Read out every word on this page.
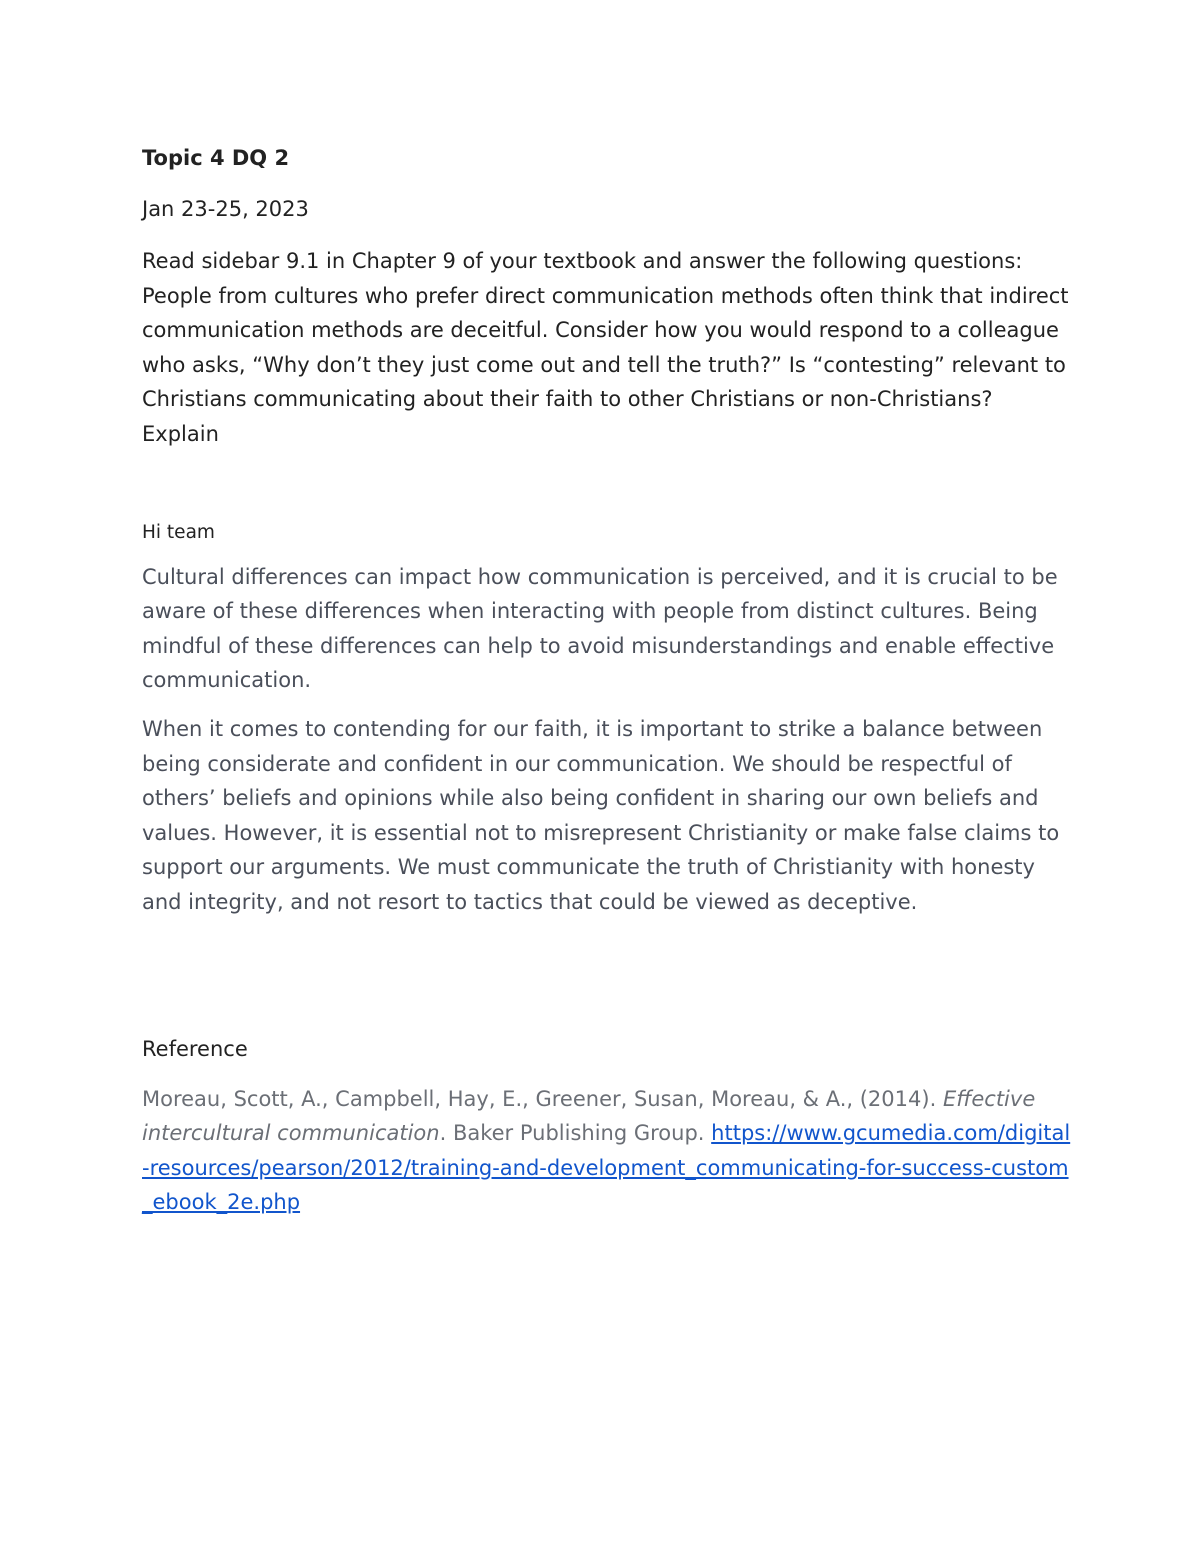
Topic 4 DQ 2

Jan 23-25, 2023

Read sidebar 9.1 in Chapter 9 of your textbook and answer the following questions: People from cultures who prefer direct communication methods often think that indirect communication methods are deceitful. Consider how you would respond to a colleague who asks, “Why don’t they just come out and tell the truth?” Is “contesting” relevant to Christians communicating about their faith to other Christians or non-Christians? Explain

Hi team

Cultural differences can impact how communication is perceived, and it is crucial to be aware of these differences when interacting with people from distinct cultures. Being mindful of these differences can help to avoid misunderstandings and enable effective communication.

When it comes to contending for our faith, it is important to strike a balance between being considerate and confident in our communication. We should be respectful of others’ beliefs and opinions while also being confident in sharing our own beliefs and values. However, it is essential not to misrepresent Christianity or make false claims to support our arguments. We must communicate the truth of Christianity with honesty and integrity, and not resort to tactics that could be viewed as deceptive.

Reference

Moreau, Scott, A., Campbell, Hay, E., Greener, Susan, Moreau, & A., (2014). Effective intercultural communication. Baker Publishing Group. https://www.gcumedia.com/digital-resources/pearson/2012/training-and-development_communicating-for-success-custom_ebook_2e.php
